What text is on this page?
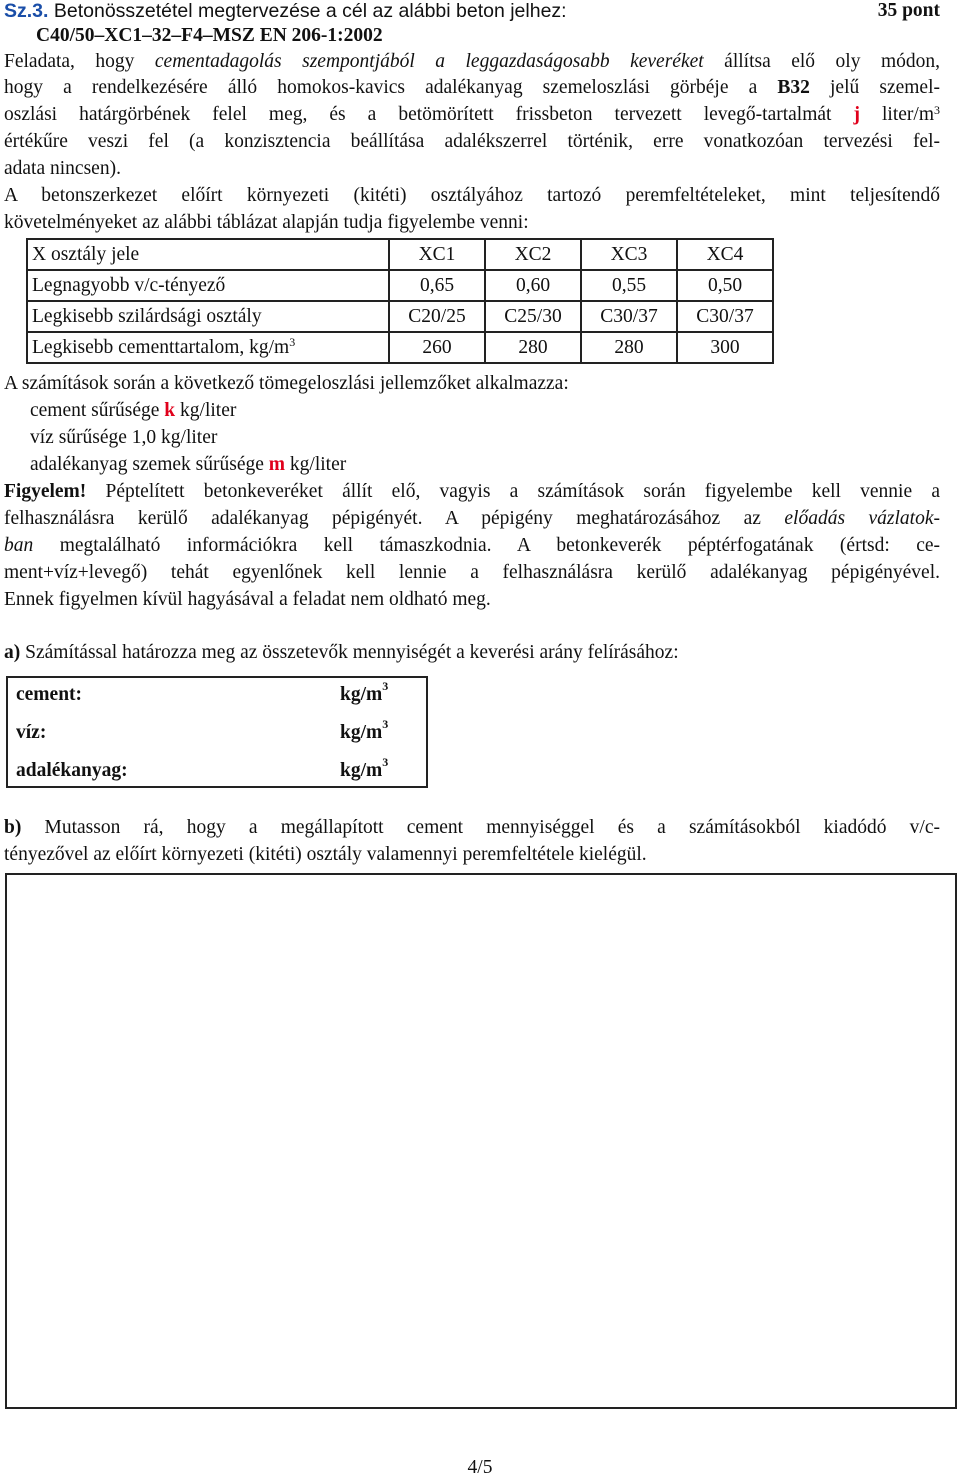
Sz.3. Betonösszetétel megtervezése a cél az alábbi beton jelhez:	35 pont
C40/50–XC1–32–F4–MSZ EN 206-1:2002
Feladata, hogy cementadagolás szempontjából a leggazdaságosabb keveréket állítsa elő oly módon,
hogy a rendelkezésére álló homokos-kavics adalékanyag szemeloszlási görbéje a B32 jelű szemel-
oszlási határgörbének felel meg, és a betömörített frissbeton tervezett levegő-tartalmát j liter/$m^3$
értékűre veszi fel (a konzisztencia beállítása adalékszerrel történik, erre vonatkozóan tervezési fel-
adata nincsen).
A betonszerkezet előírt környezeti (kitéti) osztályához tartozó peremfeltételeket, mint teljesítendő
követelményeket az alábbi táblázat alapján tudja figyelembe venni:
X osztály jele	XC1	XC2	XC3	XC4
Legnagyobb v/c-tényező	0,65	0,60	0,55	0,50
Legkisebb szilárdsági osztály	C20/25	C25/30	C30/37	C30/37
Legkisebb cementtartalom, $kg/m^3$	260	280	280	300
A számítások során a következő tömegeloszlási jellemzőket alkalmazza:
cement sűrűsége k kg/liter
víz sűrűsége 1,0 kg/liter
adalékanyag szemek sűrűsége m kg/liter
Figyelem! Péptelített betonkeveréket állít elő, vagyis a számítások során figyelembe kell vennie a
felhasználásra kerülő adalékanyag pépigényét. A pépigény meghatározásához az előadás vázlatok-
ban megtalálható információkra kell támaszkodnia. A betonkeverék péptérfogatának (értsd: ce-
ment+víz+levegő) tehát egyenlőnek kell lennie a felhasználásra kerülő adalékanyag pépigényével.
Ennek figyelmen kívül hagyásával a feladat nem oldható meg.
a) Számítással határozza meg az összetevők mennyiségét a keverési arány felírásához:
cement:	$kg/m^3$
víz:	$kg/m^3$
adalékanyag:	$kg/m^3$
b) Mutasson rá, hogy a megállapított cement mennyiséggel és a számításokból kiadódó v/c-
tényezővel az előírt környezeti (kitéti) osztály valamennyi peremfeltétele kielégül.
4/5
